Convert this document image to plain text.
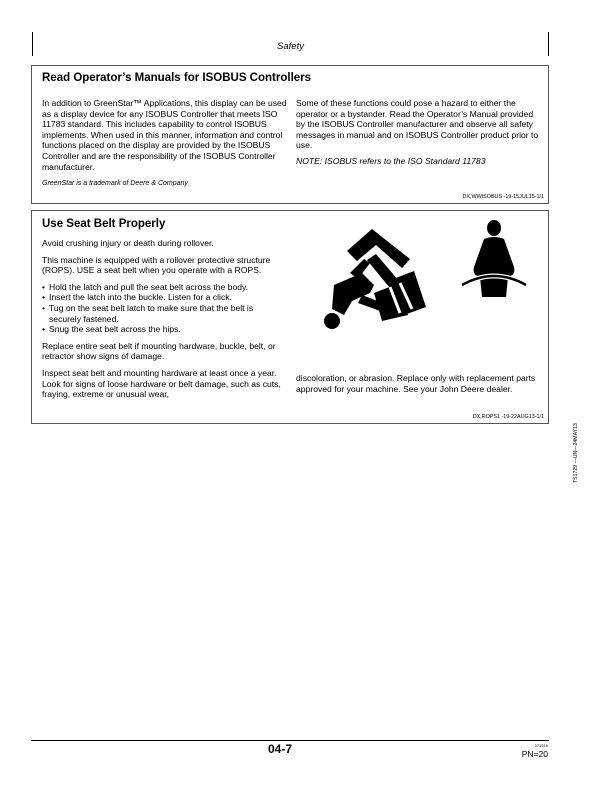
Safety
Read Operator’s Manuals for ISOBUS Controllers

In addition to GreenStar™ Applications, this display can be used as a display device for any ISOBUS Controller that meets ISO 11783 standard. This includes capability to control ISOBUS implements. When used in this manner, information and control functions placed on the display are provided by the ISOBUS Controller and are the responsibility of the ISOBUS Controller manufacturer.

Some of these functions could pose a hazard to either the operator or a bystander. Read the Operator’s Manual provided by the ISOBUS Controller manufacturer and observe all safety messages in manual and on ISOBUS Controller product prior to use.

NOTE: ISOBUS refers to the ISO Standard 11783

GreenStar is a trademark of Deere & Company
DX,WWISOBUS -19-15JUL15-1/1
Use Seat Belt Properly

Avoid crushing injury or death during rollover.

This machine is equipped with a rollover protective structure (ROPS). USE a seat belt when you operate with a ROPS.

• Hold the latch and pull the seat belt across the body.
• Insert the latch into the buckle. Listen for a click.
• Tug on the seat belt latch to make sure that the belt is securely fastened.
• Snug the seat belt across the hips.

Replace entire seat belt if mounting hardware, buckle, belt, or retractor show signs of damage.

Inspect seat belt and mounting hardware at least once a year. Look for signs of loose hardware or belt damage, such as cuts, fraying, extreme or unusual wear,

TS1729 —UN—24MAY13

discoloration, or abrasion. Replace only with replacement parts approved for your machine. See your John Deere dealer.

DX,ROPS1 -19-22AUG13-1/1
04-7	071516
PN=20
